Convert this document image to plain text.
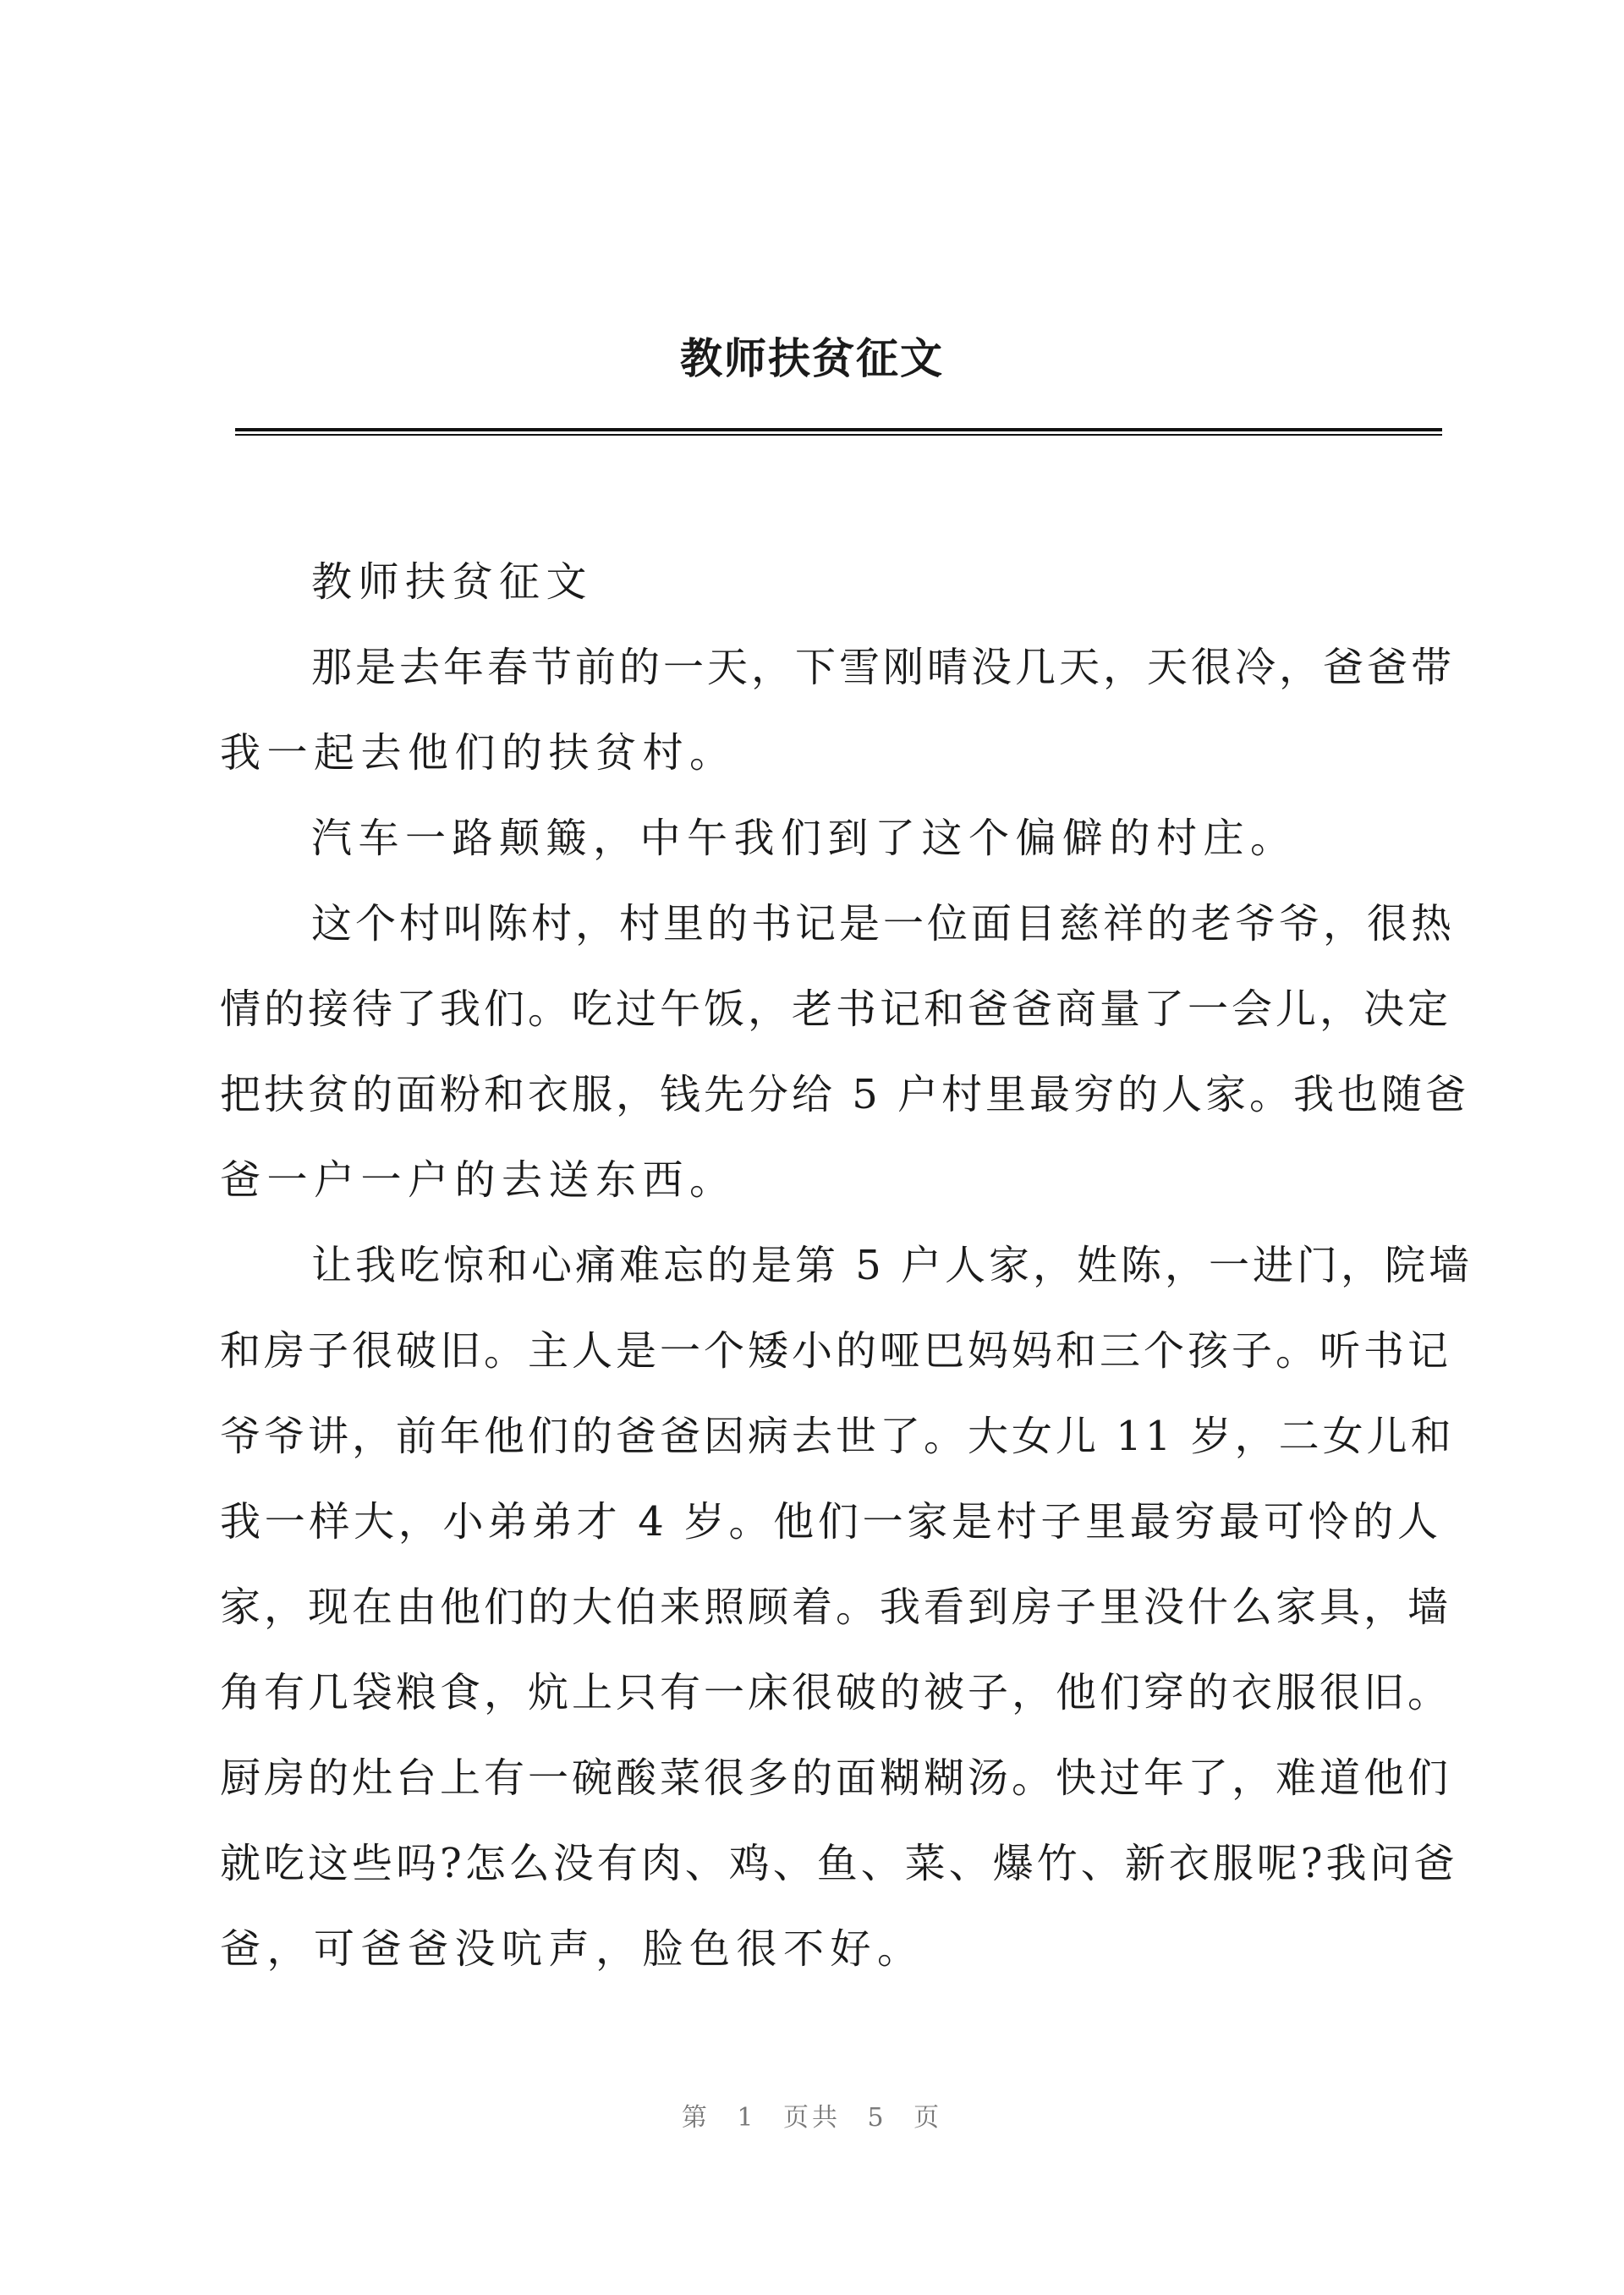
教师扶贫征文
教师扶贫征文
那是去年春节前的一天，下雪刚晴没几天，天很冷，爸爸带
我一起去他们的扶贫村。
汽车一路颠簸，中午我们到了这个偏僻的村庄。
这个村叫陈村，村里的书记是一位面目慈祥的老爷爷，很热
情的接待了我们。吃过午饭，老书记和爸爸商量了一会儿，决定
把扶贫的面粉和衣服，钱先分给 5 户村里最穷的人家。我也随爸
爸一户一户的去送东西。
让我吃惊和心痛难忘的是第 5 户人家，姓陈，一进门，院墙
和房子很破旧。主人是一个矮小的哑巴妈妈和三个孩子。听书记
爷爷讲，前年他们的爸爸因病去世了。大女儿 11 岁，二女儿和
我一样大，小弟弟才 4 岁。他们一家是村子里最穷最可怜的人
家，现在由他们的大伯来照顾着。我看到房子里没什么家具，墙
角有几袋粮食，炕上只有一床很破的被子，他们穿的衣服很旧。
厨房的灶台上有一碗酸菜很多的面糊糊汤。快过年了，难道他们
就吃这些吗?怎么没有肉、鸡、鱼、菜、爆竹、新衣服呢?我问爸
爸，可爸爸没吭声，脸色很不好。
第 1 页共 5 页
